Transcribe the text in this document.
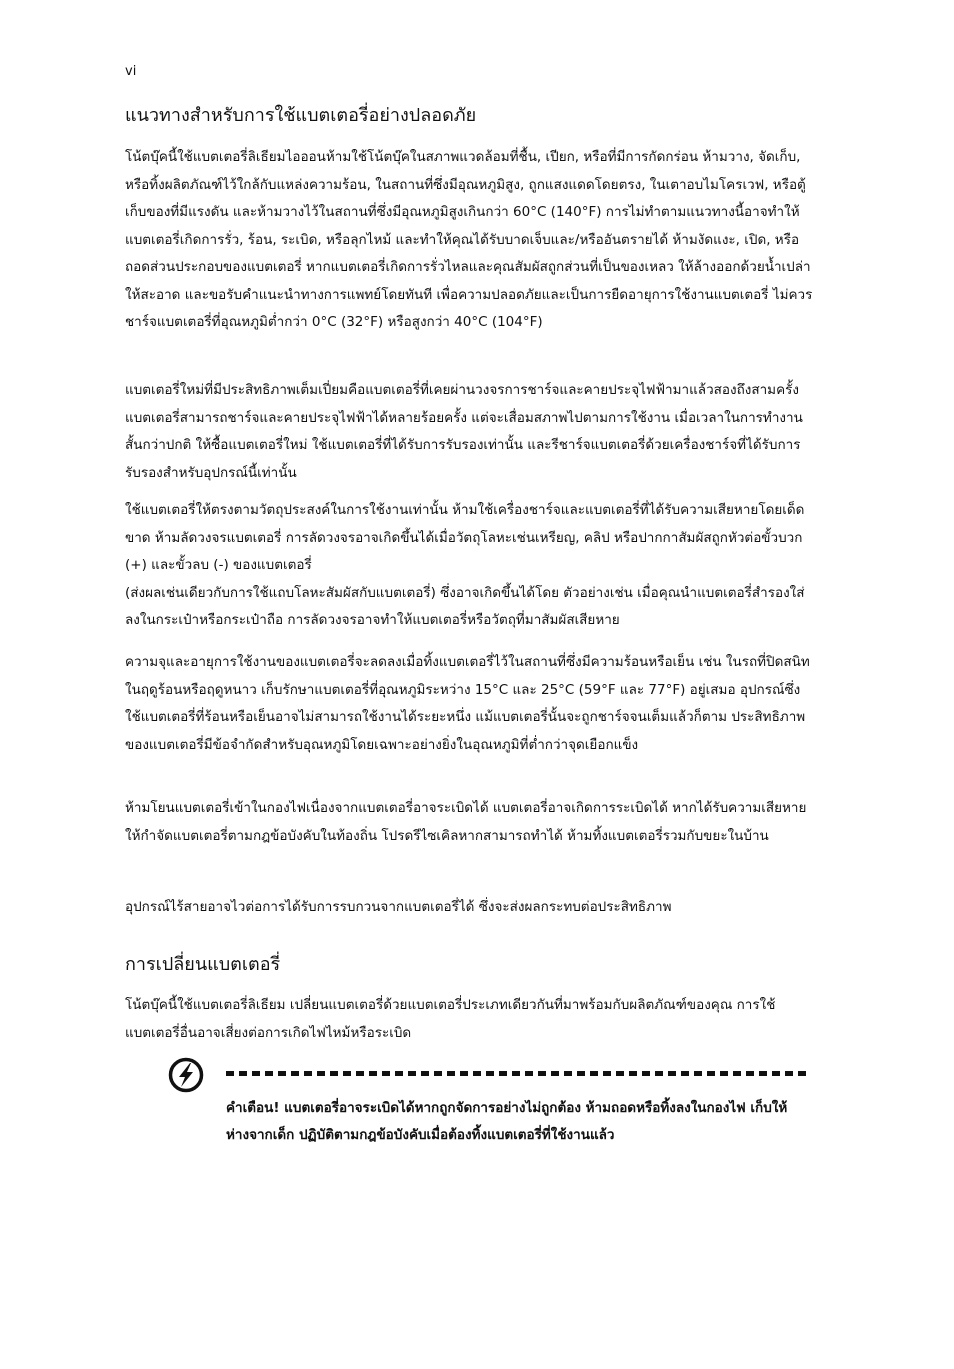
vi
แนวทางสำหรับการใช้แบตเตอรี่อย่างปลอดภัย

โน้ตบุ๊คนี้ใช้แบตเตอรี่ลิเธียมไอออนห้ามใช้โน้ตบุ๊คในสภาพแวดล้อมที่ชื้น, เปียก, หรือที่มีการกัดกร่อน ห้ามวาง, จัดเก็บ, หรือทิ้งผลิตภัณฑ์ไว้ใกล้กับแหล่งความร้อน, ในสถานที่ซึ่งมีอุณหภูมิสูง, ถูกแสงแดดโดยตรง, ในเตาอบไมโครเวฟ, หรือตู้เก็บของที่มีแรงดัน และห้ามวางไว้ในสถานที่ซึ่งมีอุณหภูมิสูงเกินกว่า 60°C (140°F) การไม่ทำตามแนวทางนี้อาจทำให้แบตเตอรี่เกิดการรั่ว, ร้อน, ระเบิด, หรือลุกไหม้ และทำให้คุณได้รับบาดเจ็บและ/หรืออันตรายได้ ห้ามงัดแงะ, เปิด, หรือถอดส่วนประกอบของแบตเตอรี่ หากแบตเตอรี่เกิดการรั่วไหลและคุณสัมผัสถูกส่วนที่เป็นของเหลว ให้ล้างออกด้วยน้ำเปล่าให้สะอาด และขอรับคำแนะนำทางการแพทย์โดยทันที เพื่อความปลอดภัยและเป็นการยืดอายุการใช้งานแบตเตอรี่ ไม่ควรชาร์จแบตเตอรี่ที่อุณหภูมิต่ำกว่า 0°C (32°F) หรือสูงกว่า 40°C (104°F)

แบตเตอรี่ใหม่ที่มีประสิทธิภาพเต็มเปี่ยมคือแบตเตอรี่ที่เคยผ่านวงจรการชาร์จและคายประจุไฟฟ้ามาแล้วสองถึงสามครั้ง แบตเตอรี่สามารถชาร์จและคายประจุไฟฟ้าได้หลายร้อยครั้ง แต่จะเสื่อมสภาพไปตามการใช้งาน เมื่อเวลาในการทำงานสั้นกว่าปกติ ให้ซื้อแบตเตอรี่ใหม่ ใช้แบตเตอรี่ที่ได้รับการรับรองเท่านั้น และรีชาร์จแบตเตอรี่ด้วยเครื่องชาร์จที่ได้รับการรับรองสำหรับอุปกรณ์นี้เท่านั้น

ใช้แบตเตอรี่ให้ตรงตามวัตถุประสงค์ในการใช้งานเท่านั้น ห้ามใช้เครื่องชาร์จและแบตเตอรี่ที่ได้รับความเสียหายโดยเด็ดขาด ห้ามลัดวงจรแบตเตอรี่ การลัดวงจรอาจเกิดขึ้นได้เมื่อวัตถุโลหะเช่นเหรียญ, คลิป หรือปากกาสัมผัสถูกหัวต่อขั้วบวก (+) และขั้วลบ (-) ของแบตเตอรี่
(ส่งผลเช่นเดียวกับการใช้แถบโลหะสัมผัสกับแบตเตอรี่) ซึ่งอาจเกิดขึ้นได้โดย ตัวอย่างเช่น เมื่อคุณนำแบตเตอรี่สำรองใส่ลงในกระเป๋าหรือกระเป๋าถือ การลัดวงจรอาจทำให้แบตเตอรี่หรือวัตถุที่มาสัมผัสเสียหาย

ความจุและอายุการใช้งานของแบตเตอรี่จะลดลงเมื่อทิ้งแบตเตอรี่ไว้ในสถานที่ซึ่งมีความร้อนหรือเย็น เช่น ในรถที่ปิดสนิทในฤดูร้อนหรือฤดูหนาว เก็บรักษาแบตเตอรี่ที่อุณหภูมิระหว่าง 15°C และ 25°C (59°F และ 77°F) อยู่เสมอ อุปกรณ์ซึ่งใช้แบตเตอรี่ที่ร้อนหรือเย็นอาจไม่สามารถใช้งานได้ระยะหนึ่ง แม้แบตเตอรี่นั้นจะถูกชาร์จจนเต็มแล้วก็ตาม ประสิทธิภาพของแบตเตอรี่มีข้อจำกัดสำหรับอุณหภูมิโดยเฉพาะอย่างยิ่งในอุณหภูมิที่ต่ำกว่าจุดเยือกแข็ง

ห้ามโยนแบตเตอรี่เข้าในกองไฟเนื่องจากแบตเตอรี่อาจระเบิดได้ แบตเตอรี่อาจเกิดการระเบิดได้ หากได้รับความเสียหาย ให้กำจัดแบตเตอรี่ตามกฎข้อบังคับในท้องถิ่น โปรดรีไซเคิลหากสามารถทำได้ ห้ามทิ้งแบตเตอรี่รวมกับขยะในบ้าน

อุปกรณ์ไร้สายอาจไวต่อการได้รับการรบกวนจากแบตเตอรี่ได้ ซึ่งจะส่งผลกระทบต่อประสิทธิภาพ

การเปลี่ยนแบตเตอรี่

โน้ตบุ๊คนี้ใช้แบตเตอรี่ลิเธียม เปลี่ยนแบตเตอรี่ด้วยแบตเตอรี่ประเภทเดียวกันที่มาพร้อมกับผลิตภัณฑ์ของคุณ การใช้แบตเตอรี่อื่นอาจเสี่ยงต่อการเกิดไฟไหม้หรือระเบิด

คำเตือน! แบตเตอรี่อาจระเบิดได้หากถูกจัดการอย่างไม่ถูกต้อง ห้ามถอดหรือทิ้งลงในกองไฟ เก็บให้ห่างจากเด็ก ปฏิบัติตามกฎข้อบังคับเมื่อต้องทิ้งแบตเตอรี่ที่ใช้งานแล้ว
